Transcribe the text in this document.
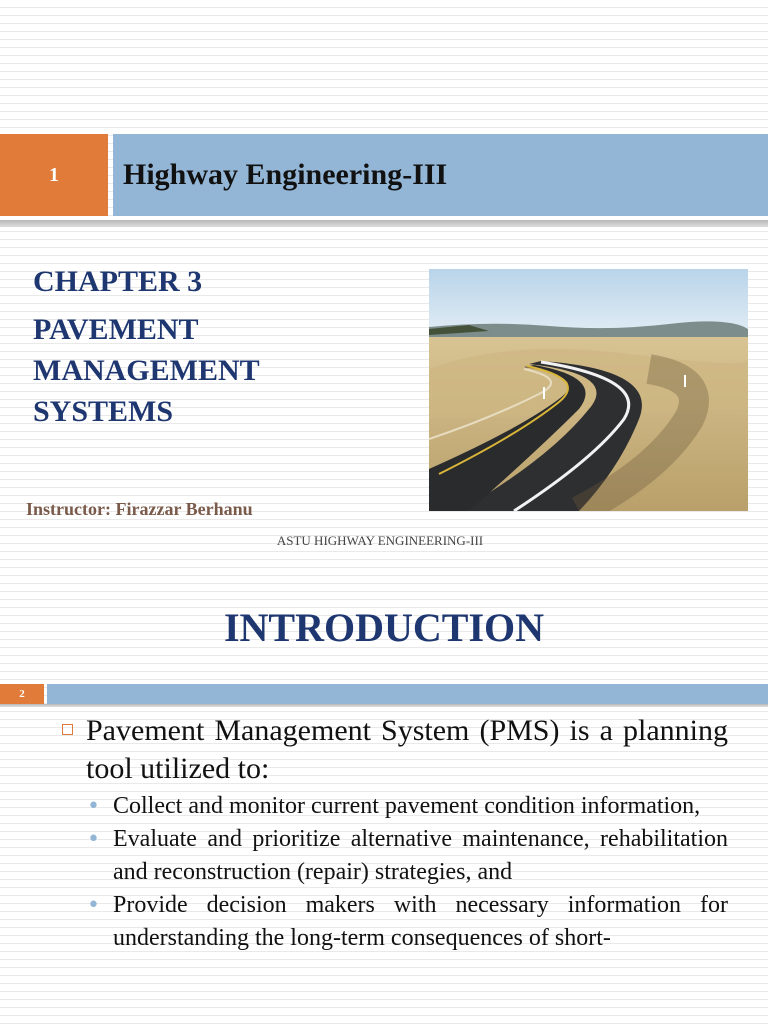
1	Highway Engineering-III
CHAPTER 3
PAVEMENT
MANAGEMENT
SYSTEMS
Instructor: Firazzar Berhanu
ASTU HIGHWAY ENGINEERING-III
INTRODUCTION
2
Pavement Management System (PMS) is a planning tool utilized to:
• Collect and monitor current pavement condition information,
• Evaluate and prioritize alternative maintenance, rehabilitation and reconstruction (repair) strategies, and
• Provide decision makers with necessary information for understanding the long-term consequences of short-
